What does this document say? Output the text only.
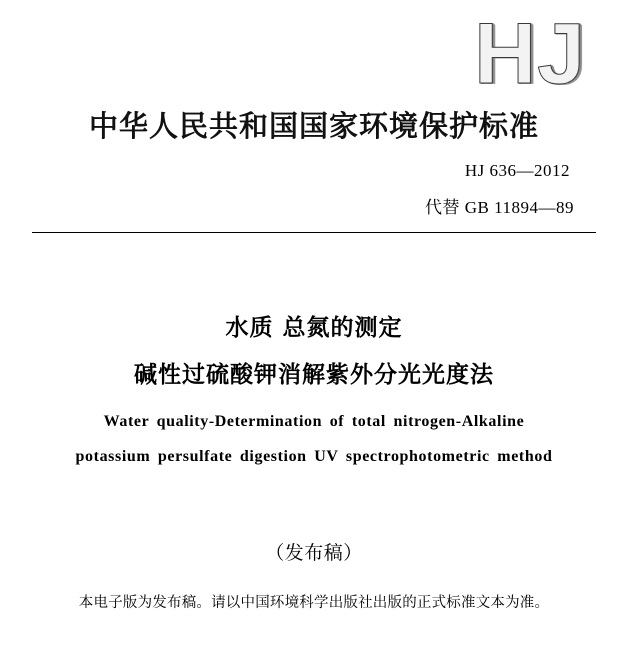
HJ
中华人民共和国国家环境保护标准
HJ 636—2012
代替 GB 11894—89
水质 总氮的测定
碱性过硫酸钾消解紫外分光光度法
Water quality-Determination of total nitrogen-Alkaline
potassium persulfate digestion UV spectrophotometric method
（发布稿）
本电子版为发布稿。请以中国环境科学出版社出版的正式标准文本为准。
